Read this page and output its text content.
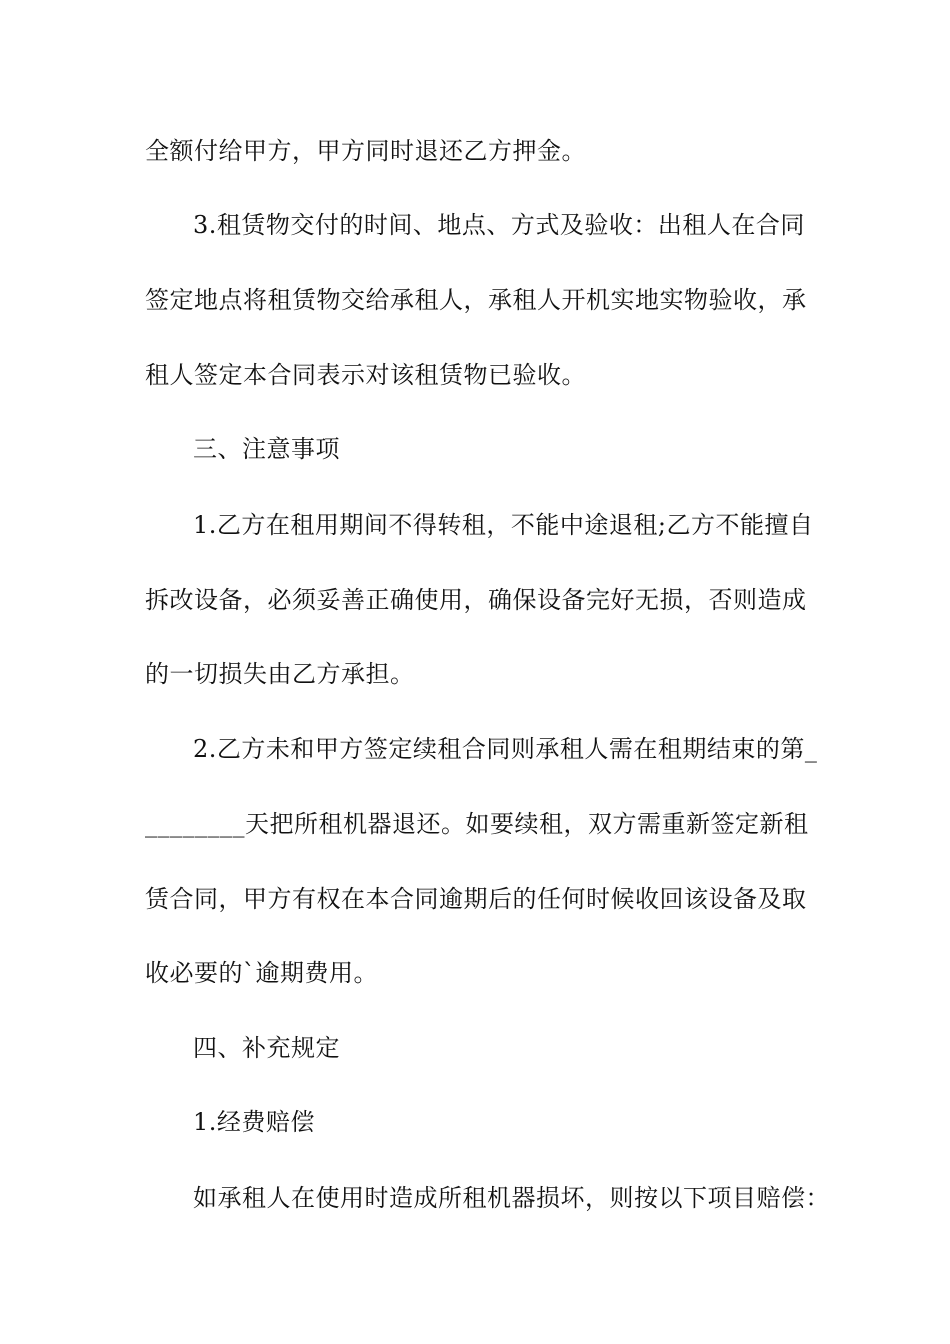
全额付给甲方，甲方同时退还乙方押金。
3.租赁物交付的时间、地点、方式及验收：出租人在合同
签定地点将租赁物交给承租人，承租人开机实地实物验收，承
租人签定本合同表示对该租赁物已验收。
三、注意事项
1.乙方在租用期间不得转租，不能中途退租;乙方不能擅自
拆改设备，必须妥善正确使用，确保设备完好无损，否则造成
的一切损失由乙方承担。
2.乙方未和甲方签定续租合同则承租人需在租期结束的第_
________天把所租机器退还。如要续租，双方需重新签定新租
赁合同，甲方有权在本合同逾期后的任何时候收回该设备及取
收必要的`逾期费用。
四、补充规定
1.经费赔偿
如承租人在使用时造成所租机器损坏，则按以下项目赔偿：
